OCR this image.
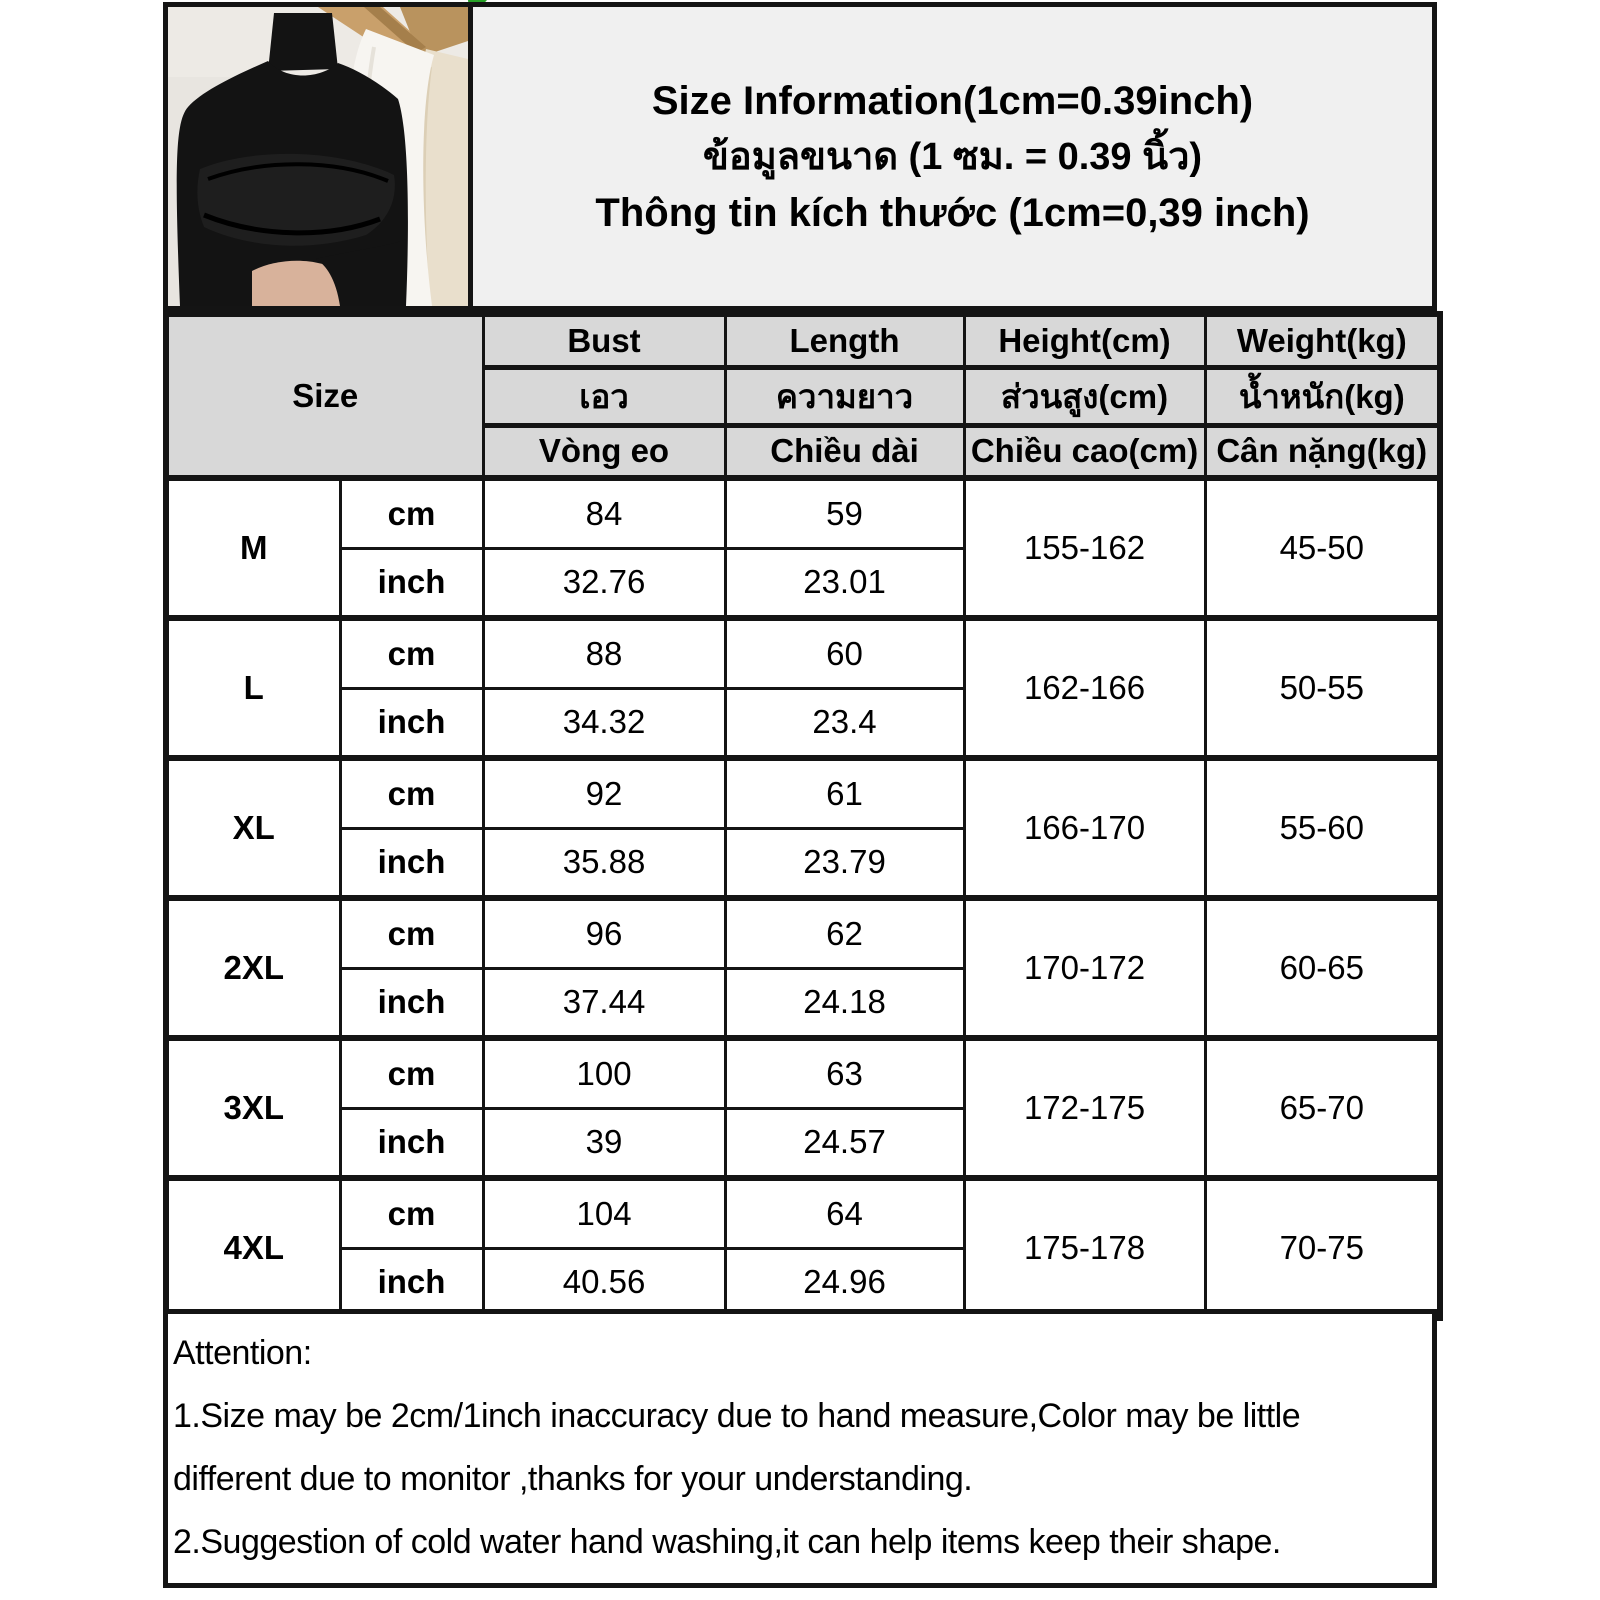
Size Information(1cm=0.39inch)
ข้อมูลขนาด (1 ซม. = 0.39 นิ้ว)
Thông tin kích thước (1cm=0,39 inch)
Size		Bust	Length	Height(cm)	Weight(kg)
		เอว	ความยาว	ส่วนสูง(cm)	น้ำหนัก(kg)
		Vòng eo	Chiều dài	Chiều cao(cm)	Cân nặng(kg)
M	cm	84	59	155-162	45-50
	inch	32.76	23.01		
L	cm	88	60	162-166	50-55
	inch	34.32	23.4		
XL	cm	92	61	166-170	55-60
	inch	35.88	23.79		
2XL	cm	96	62	170-172	60-65
	inch	37.44	24.18		
3XL	cm	100	63	172-175	65-70
	inch	39	24.57		
4XL	cm	104	64	175-178	70-75
	inch	40.56	24.96		
Attention:
1.Size may be 2cm/1inch inaccuracy due to hand measure,Color may be little different due to monitor ,thanks for your understanding.
2.Suggestion of cold water hand washing,it can help items keep their shape.
